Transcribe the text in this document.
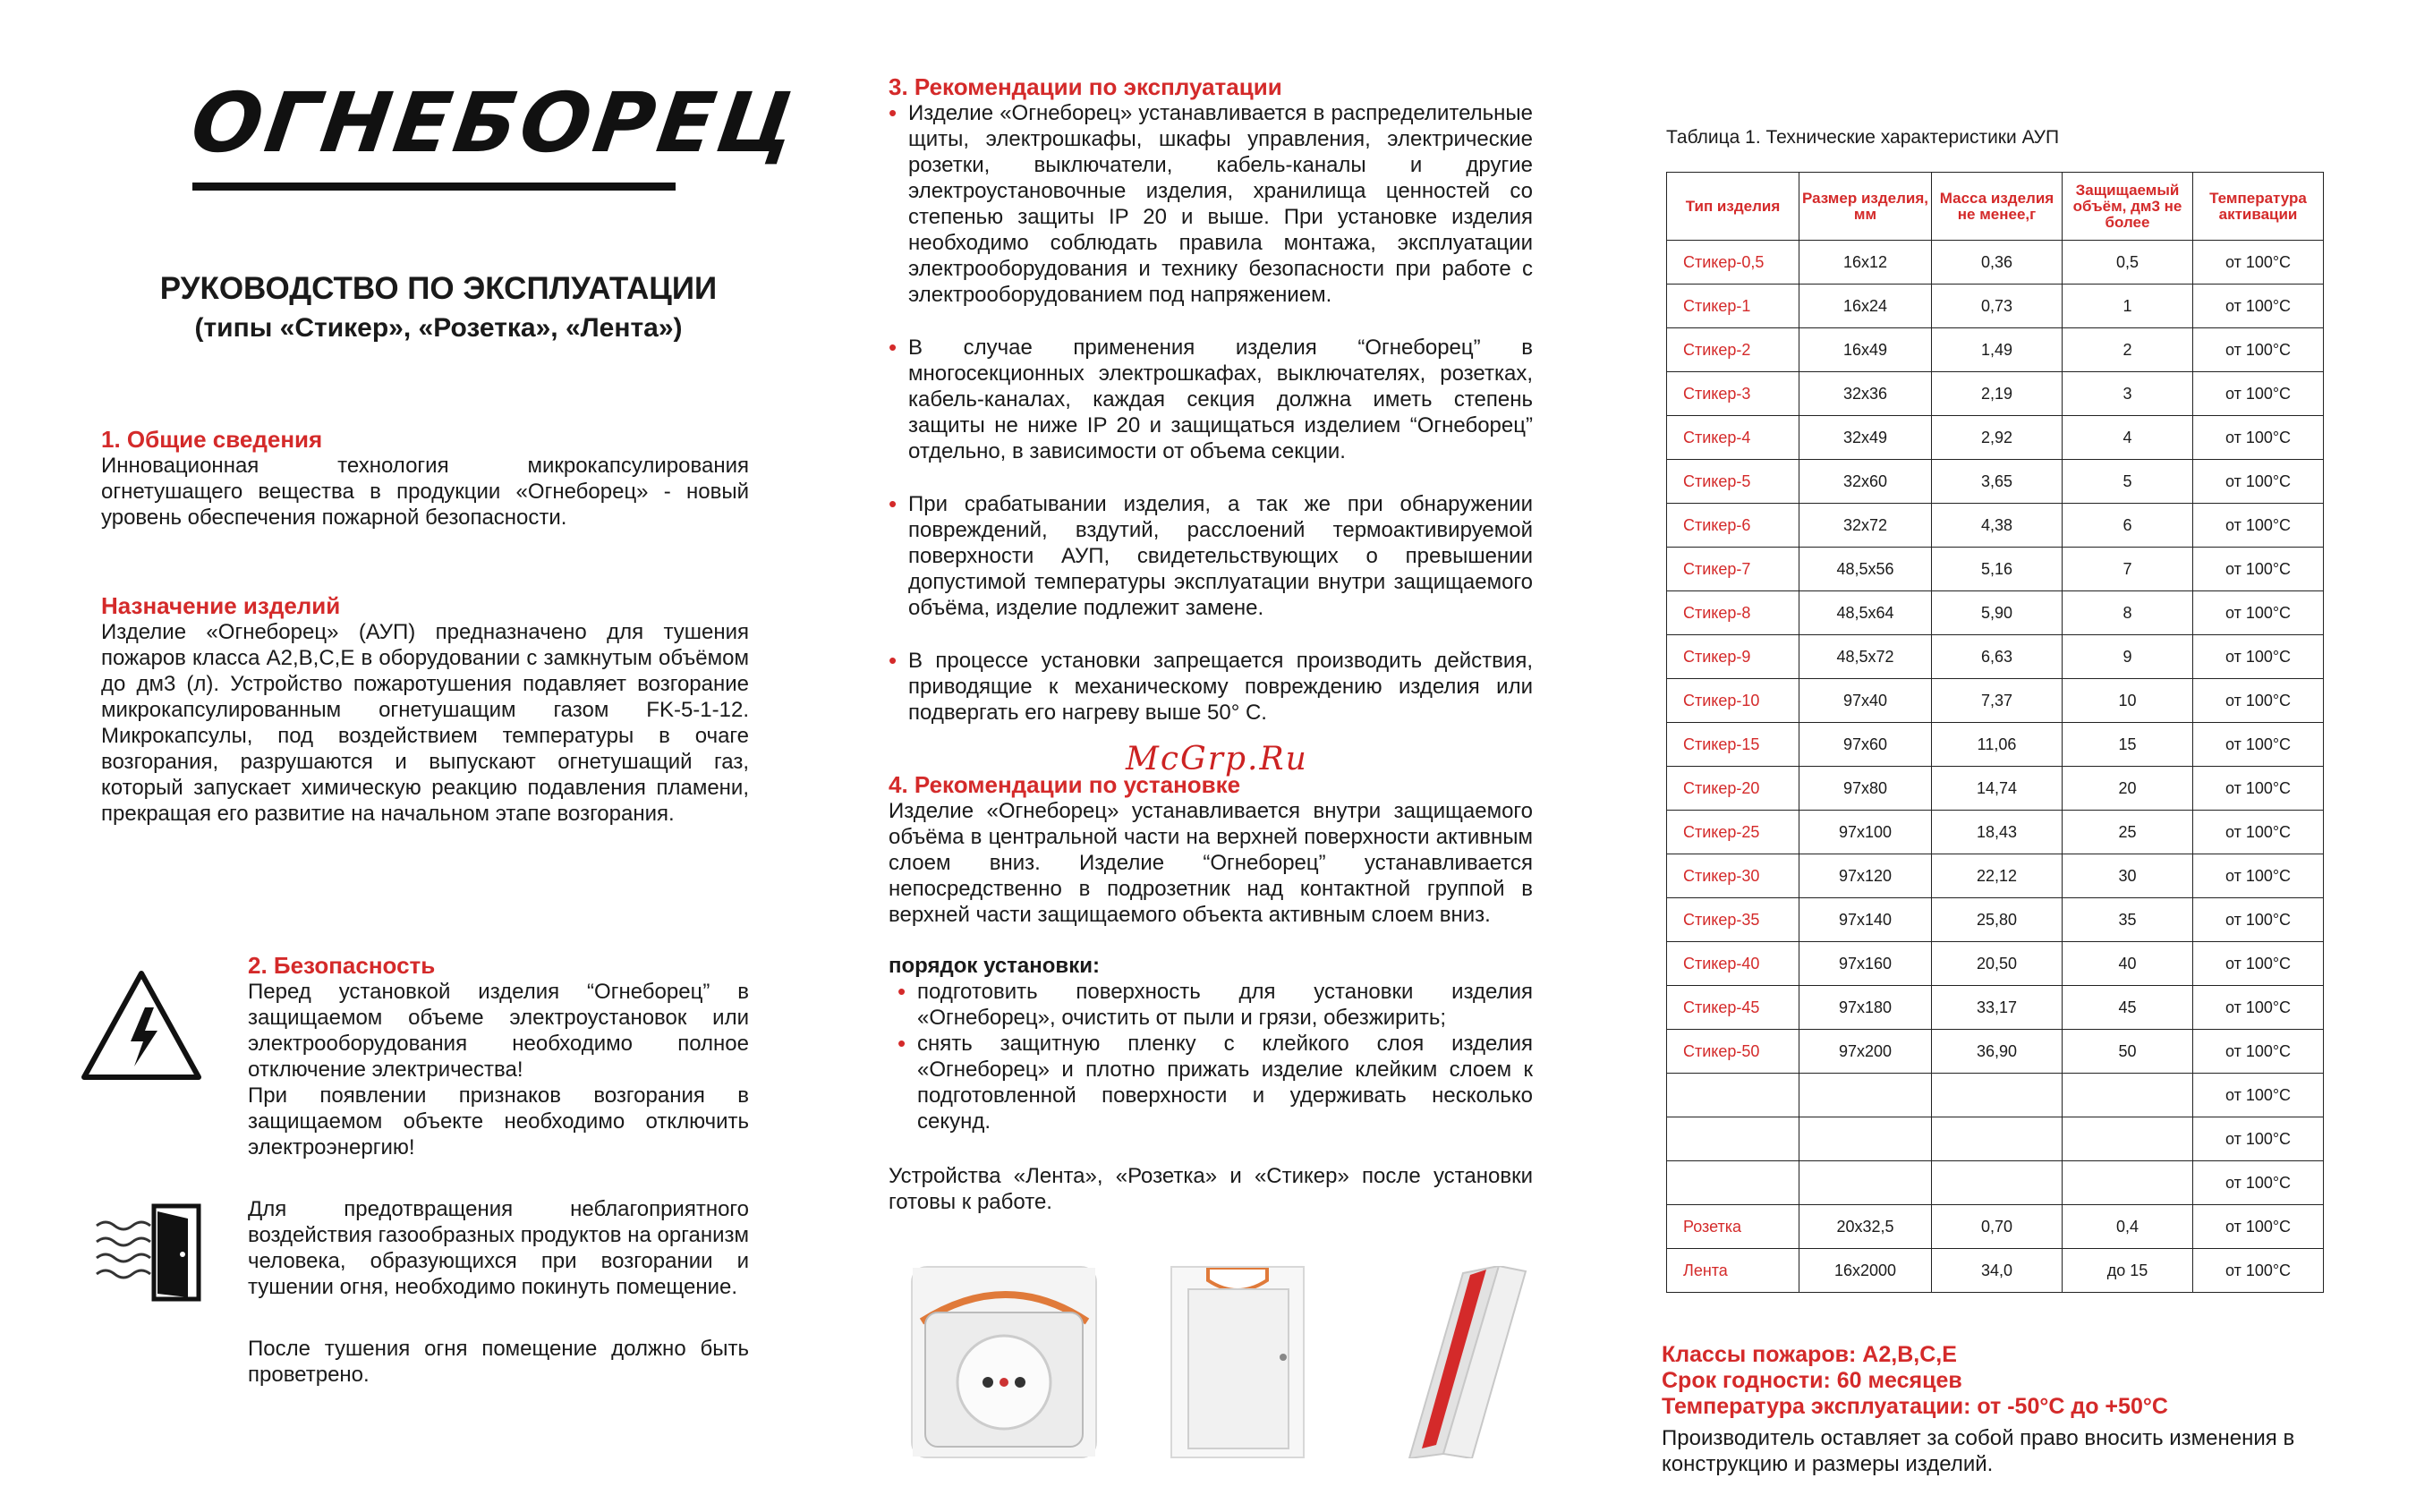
ОГНЕБОРЕЦ
РУКОВОДСТВО ПО ЭКСПЛУАТАЦИИ
(типы «Стикер», «Розетка», «Лента»)
1. Общие сведения

Инновационная технология микрокапсулирования огнетушащего вещества в продукции «Огнеборец» - новый уровень обеспечения пожарной безопасности.

Назначение изделий

Изделие «Огнеборец» (АУП) предназначено для тушения пожаров класса А2,В,С,Е в оборудовании с замкнутым объёмом до дм3 (л). Устройство пожаротушения подавляет возгорание микрокапсулированным огнетушащим газом FK-5-1-12. Микрокапсулы, под воздействием температуры в очаге возгорания, разрушаются и выпускают огнетушащий газ, который запускает химическую реакцию подавления пламени, прекращая его развитие на начальном этапе возгорания.

2. Безопасность

Перед установкой изделия “Огнеборец” в защищаемом объеме электроустановок или электрооборудования необходимо полное отключение электричества!

При появлении признаков возгорания в защищаемом объекте необходимо отключить электроэнергию!

Для предотвращения неблагоприятного воздействия газообразных продуктов на организм человека, образующихся при возгорании и тушении огня, необходимо покинуть помещение.

После тушения огня помещение должно быть проветрено.

3. Рекомендации по эксплуатации

• Изделие «Огнеборец» устанавливается в распределительные щиты, электрошкафы, шкафы управления, электрические розетки, выключатели, кабель-каналы и другие электроустановочные изделия, хранилища ценностей со степенью защиты IP 20 и выше. При установке изделия необходимо соблюдать правила монтажа, эксплуатации электрооборудования и технику безопасности при работе с электрооборудованием под напряжением.

• В случае применения изделия “Огнеборец” в многосекционных электрошкафах, выключателях, розетках, кабель-каналах, каждая секция должна иметь степень защиты не ниже IP 20 и защищаться изделием “Огнеборец” отдельно, в зависимости от объема секции.

• При срабатывании изделия, а так же при обнаружении повреждений, вздутий, расслоений термоактивируемой поверхности АУП, свидетельствующих о превышении допустимой температуры эксплуатации внутри защищаемого объёма, изделие подлежит замене.

• В процессе установки запрещается производить действия, приводящие к механическому повреждению изделия или подвергать его нагреву выше 50° С.

McGrp.Ru
4. Рекомендации по установке

Изделие «Огнеборец» устанавливается внутри защищаемого объёма в центральной части на верхней поверхности активным слоем вниз. Изделие “Огнеборец” устанавливается непосредственно в подрозетник над контактной группой в верхней части защищаемого объекта активным слоем вниз.

порядок установки:

• подготовить поверхность для установки изделия «Огнеборец», очистить от пыли и грязи, обезжирить;

• снять защитную пленку с клейкого слоя изделия «Огнеборец» и плотно прижать изделие клейким слоем к подготовленной поверхности и удерживать несколько секунд.

Устройства «Лента», «Розетка» и «Стикер» после установки готовы к работе.

Таблица 1. Технические характеристики АУП
Тип изделия	Размер изделия, мм	Масса изделия не менее,г	Защищаемый объём, дм3 не более	Температура активации
Стикер-0,5	16х12	0,36	0,5	от 100°С
Стикер-1	16х24	0,73	1	от 100°С
Стикер-2	16х49	1,49	2	от 100°С
Стикер-3	32х36	2,19	3	от 100°С
Стикер-4	32х49	2,92	4	от 100°С
Стикер-5	32х60	3,65	5	от 100°С
Стикер-6	32х72	4,38	6	от 100°С
Стикер-7	48,5х56	5,16	7	от 100°С
Стикер-8	48,5х64	5,90	8	от 100°С
Стикер-9	48,5х72	6,63	9	от 100°С
Стикер-10	97х40	7,37	10	от 100°С
Стикер-15	97х60	11,06	15	от 100°С
Стикер-20	97х80	14,74	20	от 100°С
Стикер-25	97х100	18,43	25	от 100°С
Стикер-30	97х120	22,12	30	от 100°С
Стикер-35	97х140	25,80	35	от 100°С
Стикер-40	97х160	20,50	40	от 100°С
Стикер-45	97х180	33,17	45	от 100°С
Стикер-50	97х200	36,90	50	от 100°С
				от 100°С
				от 100°С
				от 100°С
Розетка	20х32,5	0,70	0,4	от 100°С
Лента	16х2000	34,0	до 15	от 100°С
Классы пожаров: А2,В,С,Е
Срок годности: 60 месяцев
Температура эксплуатации: от -50°С до +50°С

Производитель оставляет за собой право вносить изменения в конструкцию и размеры изделий.
